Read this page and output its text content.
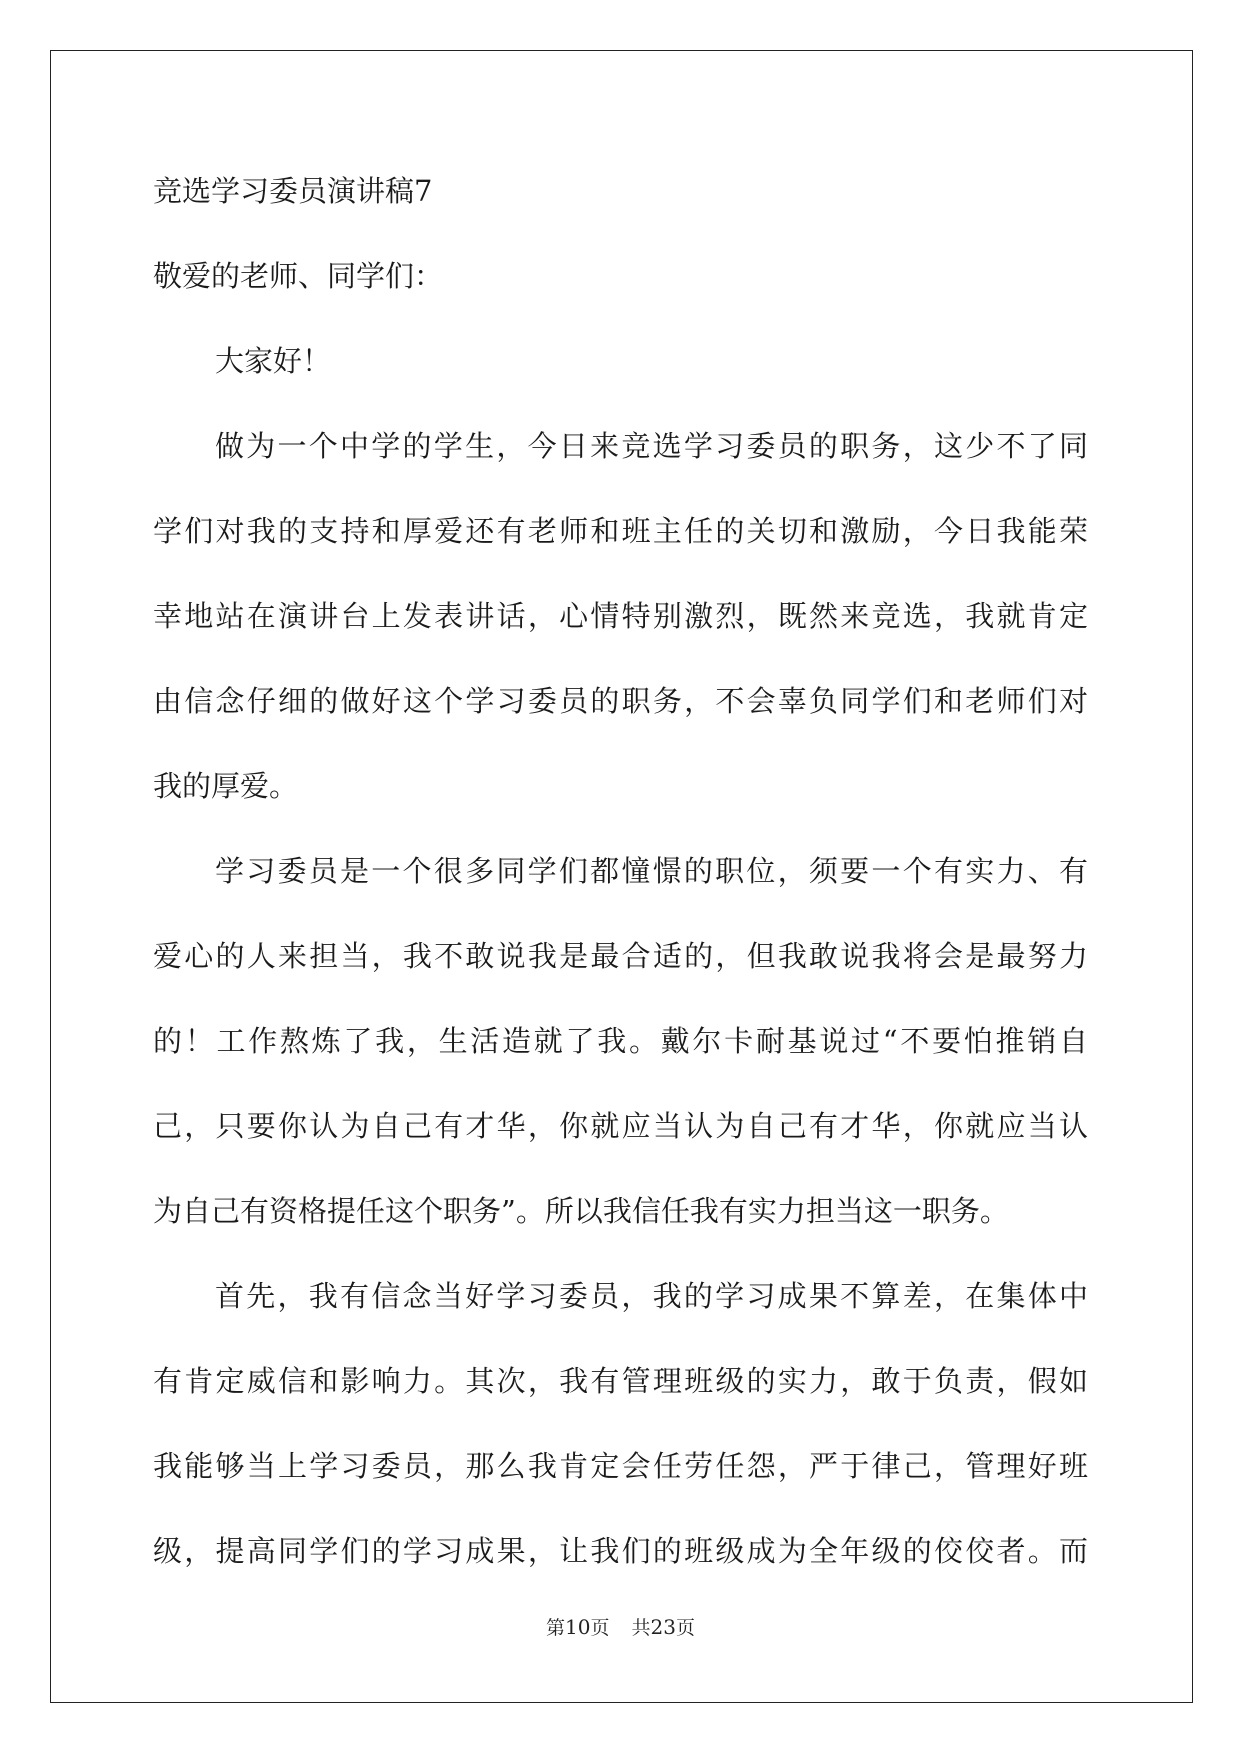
竞选学习委员演讲稿7
敬爱的老师、同学们：
大家好！
做为一个中学的学生，今日来竞选学习委员的职务，这少不了同
学们对我的支持和厚爱还有老师和班主任的关切和激励，今日我能荣
幸地站在演讲台上发表讲话，心情特别激烈，既然来竞选，我就肯定
由信念仔细的做好这个学习委员的职务，不会辜负同学们和老师们对
我的厚爱。
学习委员是一个很多同学们都憧憬的职位，须要一个有实力、有
爱心的人来担当，我不敢说我是最合适的，但我敢说我将会是最努力
的！工作熬炼了我，生活造就了我。戴尔卡耐基说过“不要怕推销自
己，只要你认为自己有才华，你就应当认为自己有才华，你就应当认
为自己有资格提任这个职务”。所以我信任我有实力担当这一职务。
首先，我有信念当好学习委员，我的学习成果不算差，在集体中
有肯定威信和影响力。其次，我有管理班级的实力，敢于负责，假如
我能够当上学习委员，那么我肯定会任劳任怨，严于律己，管理好班
级，提高同学们的学习成果，让我们的班级成为全年级的佼佼者。而
第10页 共23页
